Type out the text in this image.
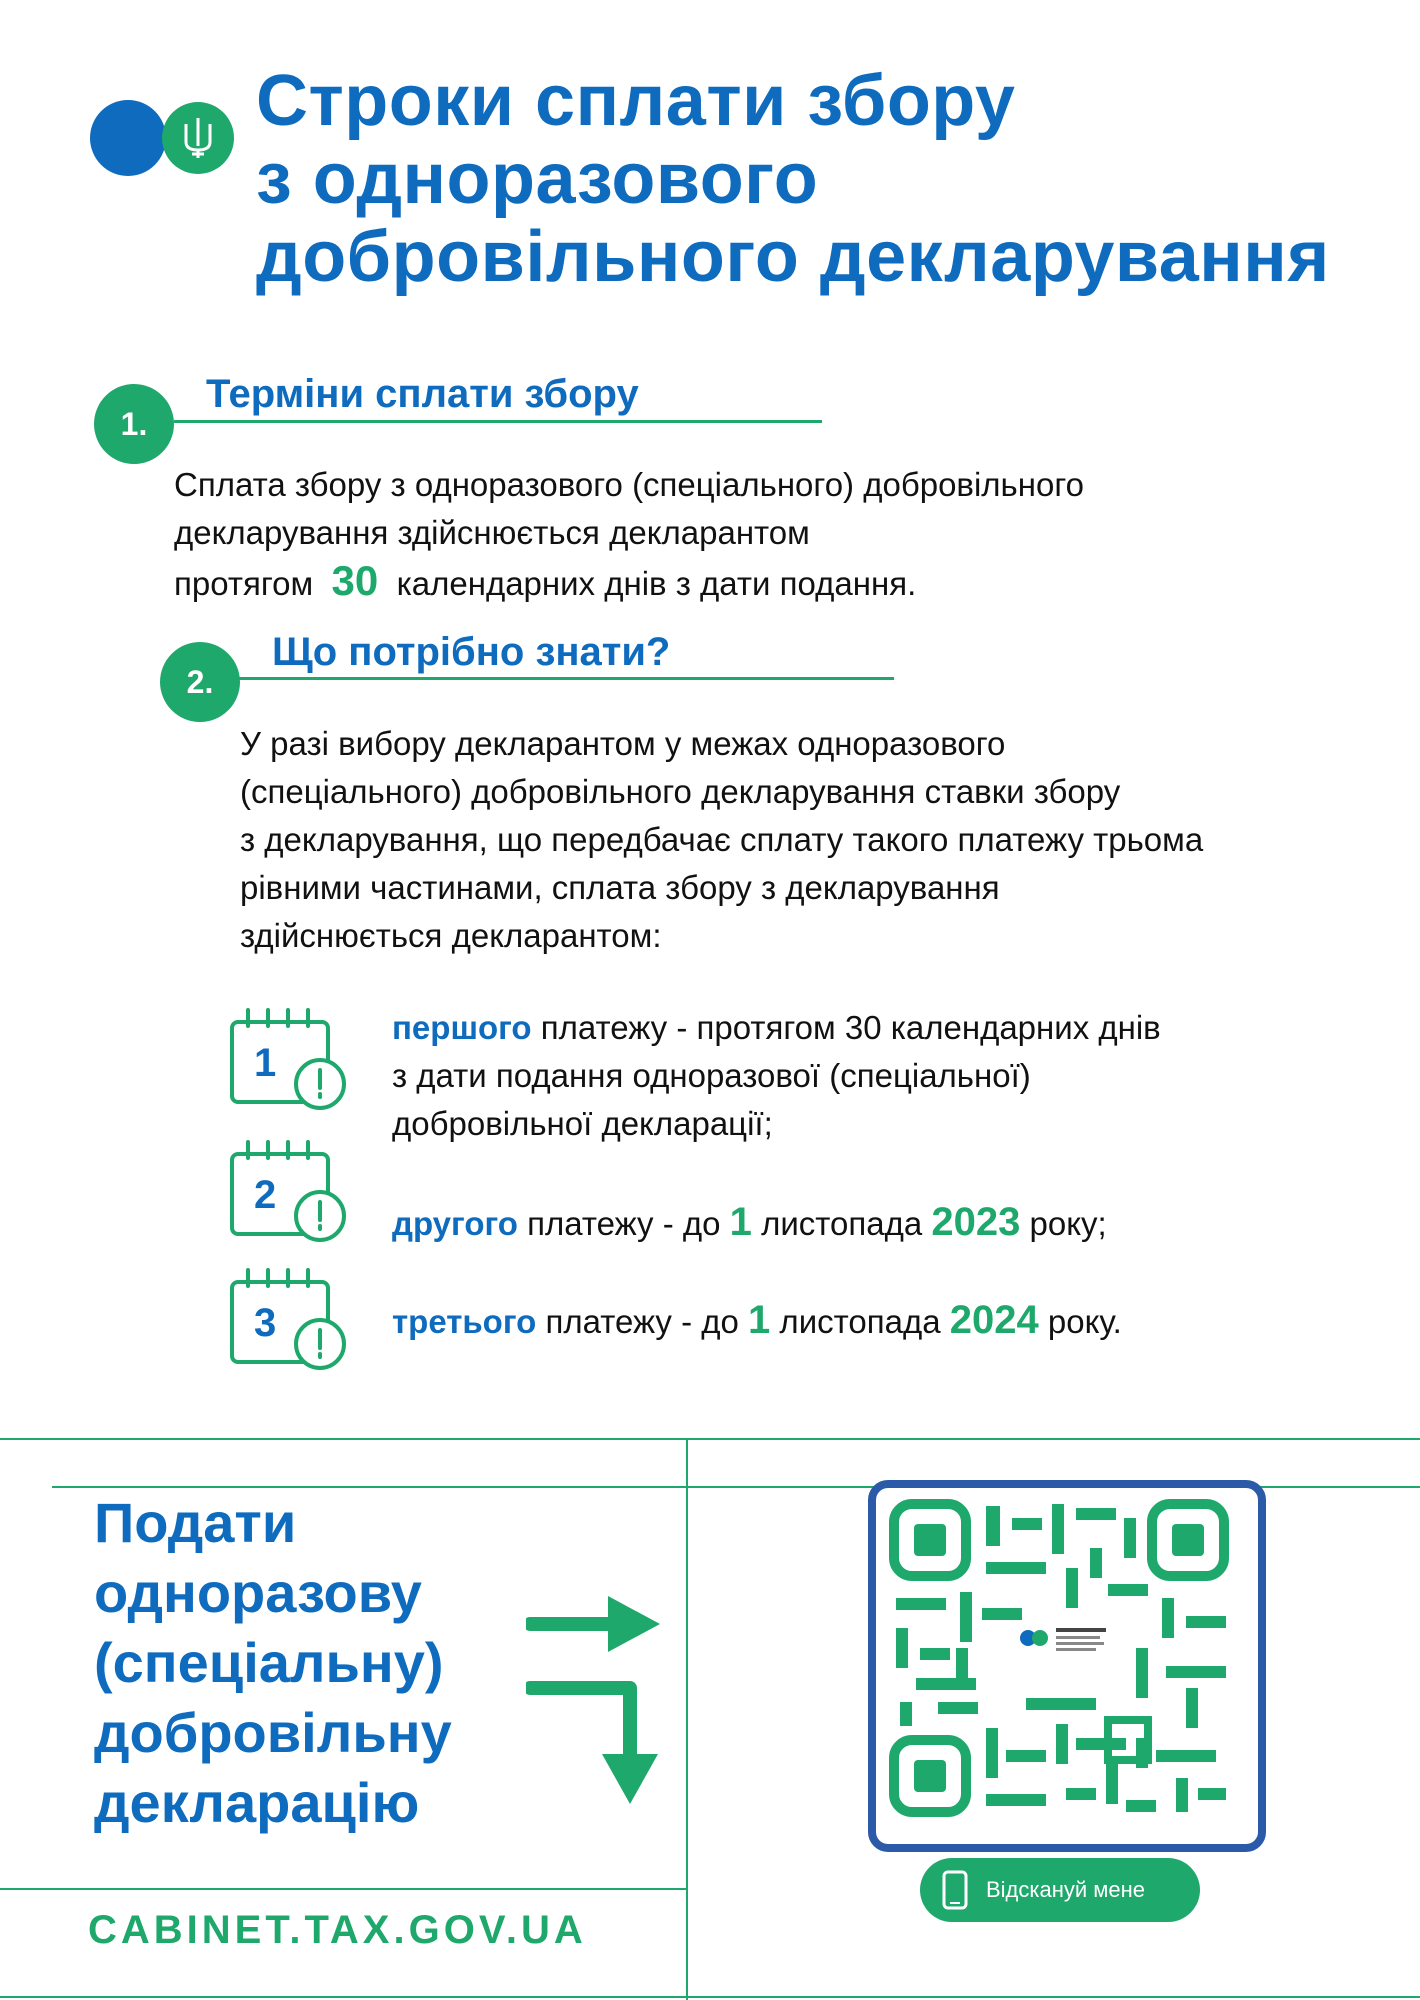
Строки сплати збору
з одноразового
добровільного декларування
1.
Терміни сплати збору
Сплата збору з одноразового (спеціального) добровільного
декларування здійснюється декларантом
протягом 30 календарних днів з дати подання.
2.
Що потрібно знати?
У разі вибору декларантом у межах одноразового
(спеціального) добровільного декларування ставки збору
з декларування, що передбачає сплату такого платежу трьома
рівними частинами, сплата збору з декларування
здійснюється декларантом:
1
2
3
першого платежу - протягом 30 календарних днів
з дати подання одноразової (спеціальної)
добровільної декларації;
другого платежу - до 1 листопада 2023 року;
третього платежу - до 1 листопада 2024 року.
Подати
одноразову
(спеціальну)
добровільну
декларацію
CABINET.TAX.GOV.UA
Відскануй мене
